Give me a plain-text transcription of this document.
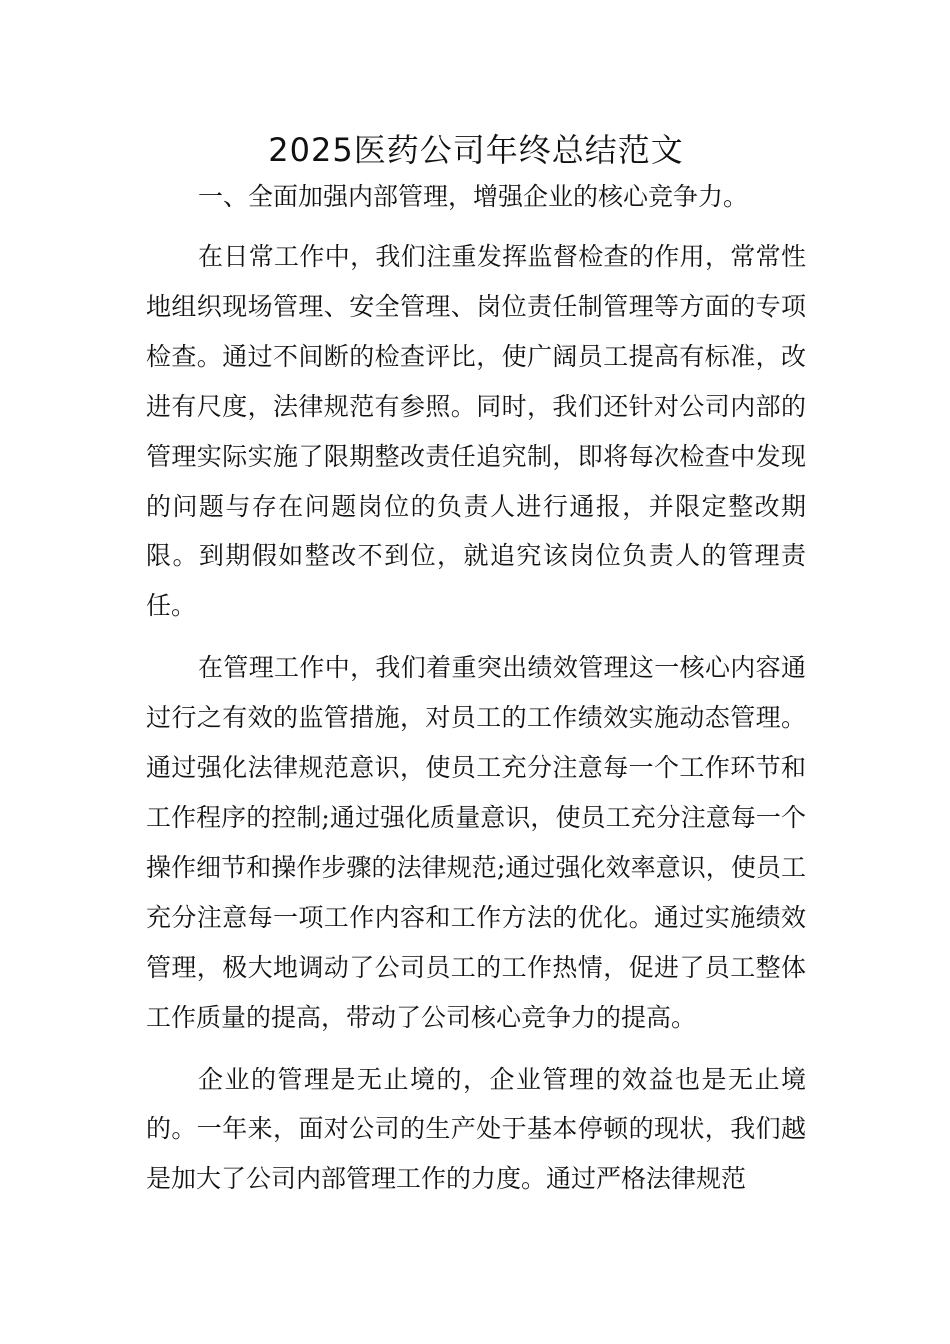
2025医药公司年终总结范文

一、全面加强内部管理，增强企业的核心竞争力。

在日常工作中，我们注重发挥监督检查的作用，常常性地组织现场管理、安全管理、岗位责任制管理等方面的专项检查。通过不间断的检查评比，使广阔员工提高有标准，改进有尺度，法律规范有参照。同时，我们还针对公司内部的管理实际实施了限期整改责任追究制，即将每次检查中发现的问题与存在问题岗位的负责人进行通报，并限定整改期限。到期假如整改不到位，就追究该岗位负责人的管理责任。

在管理工作中，我们着重突出绩效管理这一核心内容通过行之有效的监管措施，对员工的工作绩效实施动态管理。通过强化法律规范意识，使员工充分注意每一个工作环节和工作程序的控制;通过强化质量意识，使员工充分注意每一个操作细节和操作步骤的法律规范;通过强化效率意识，使员工充分注意每一项工作内容和工作方法的优化。通过实施绩效管理，极大地调动了公司员工的工作热情，促进了员工整体工作质量的提高，带动了公司核心竞争力的提高。

企业的管理是无止境的，企业管理的效益也是无止境的。一年来，面对公司的生产处于基本停顿的现状，我们越是加大了公司内部管理工作的力度。通过严格法律规范
